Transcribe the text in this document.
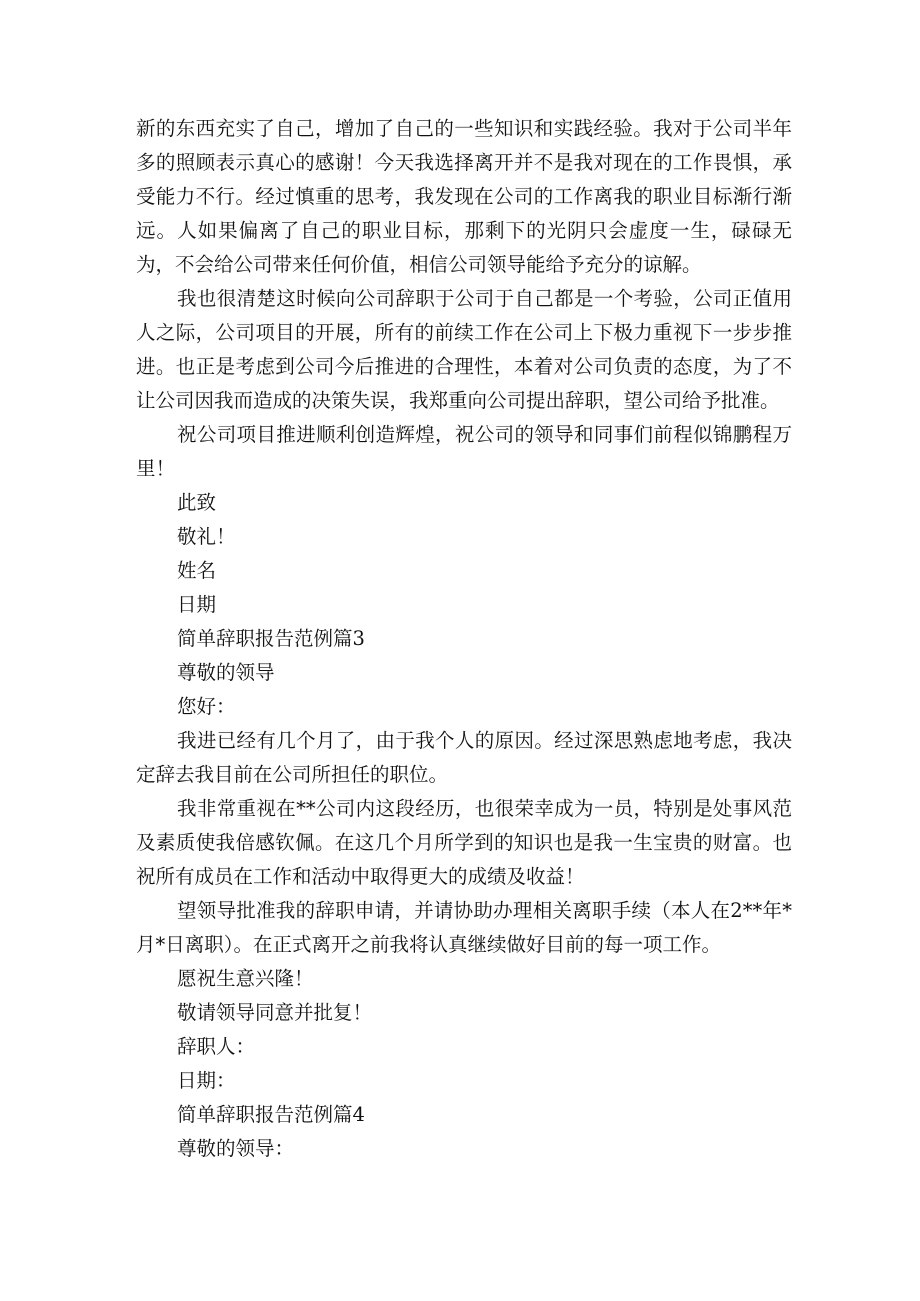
新的东西充实了自己，增加了自己的一些知识和实践经验。我对于公司半年多的照顾表示真心的感谢！今天我选择离开并不是我对现在的工作畏惧，承受能力不行。经过慎重的思考，我发现在公司的工作离我的职业目标渐行渐远。人如果偏离了自己的职业目标，那剩下的光阴只会虚度一生，碌碌无为，不会给公司带来任何价值，相信公司领导能给予充分的谅解。

我也很清楚这时候向公司辞职于公司于自己都是一个考验，公司正值用人之际，公司项目的开展，所有的前续工作在公司上下极力重视下一步步推进。也正是考虑到公司今后推进的合理性，本着对公司负责的态度，为了不让公司因我而造成的决策失误，我郑重向公司提出辞职，望公司给予批准。

祝公司项目推进顺利创造辉煌，祝公司的领导和同事们前程似锦鹏程万里！

此致

敬礼！

姓名

日期

简单辞职报告范例篇3

尊敬的领导

您好：

我进已经有几个月了，由于我个人的原因。经过深思熟虑地考虑，我决定辞去我目前在公司所担任的职位。

我非常重视在**公司内这段经历，也很荣幸成为一员，特别是处事风范及素质使我倍感钦佩。在这几个月所学到的知识也是我一生宝贵的财富。也祝所有成员在工作和活动中取得更大的成绩及收益！

望领导批准我的辞职申请，并请协助办理相关离职手续（本人在2**年*月*日离职）。在正式离开之前我将认真继续做好目前的每一项工作。

愿祝生意兴隆！

敬请领导同意并批复！

辞职人：

日期：

简单辞职报告范例篇4

尊敬的领导：
